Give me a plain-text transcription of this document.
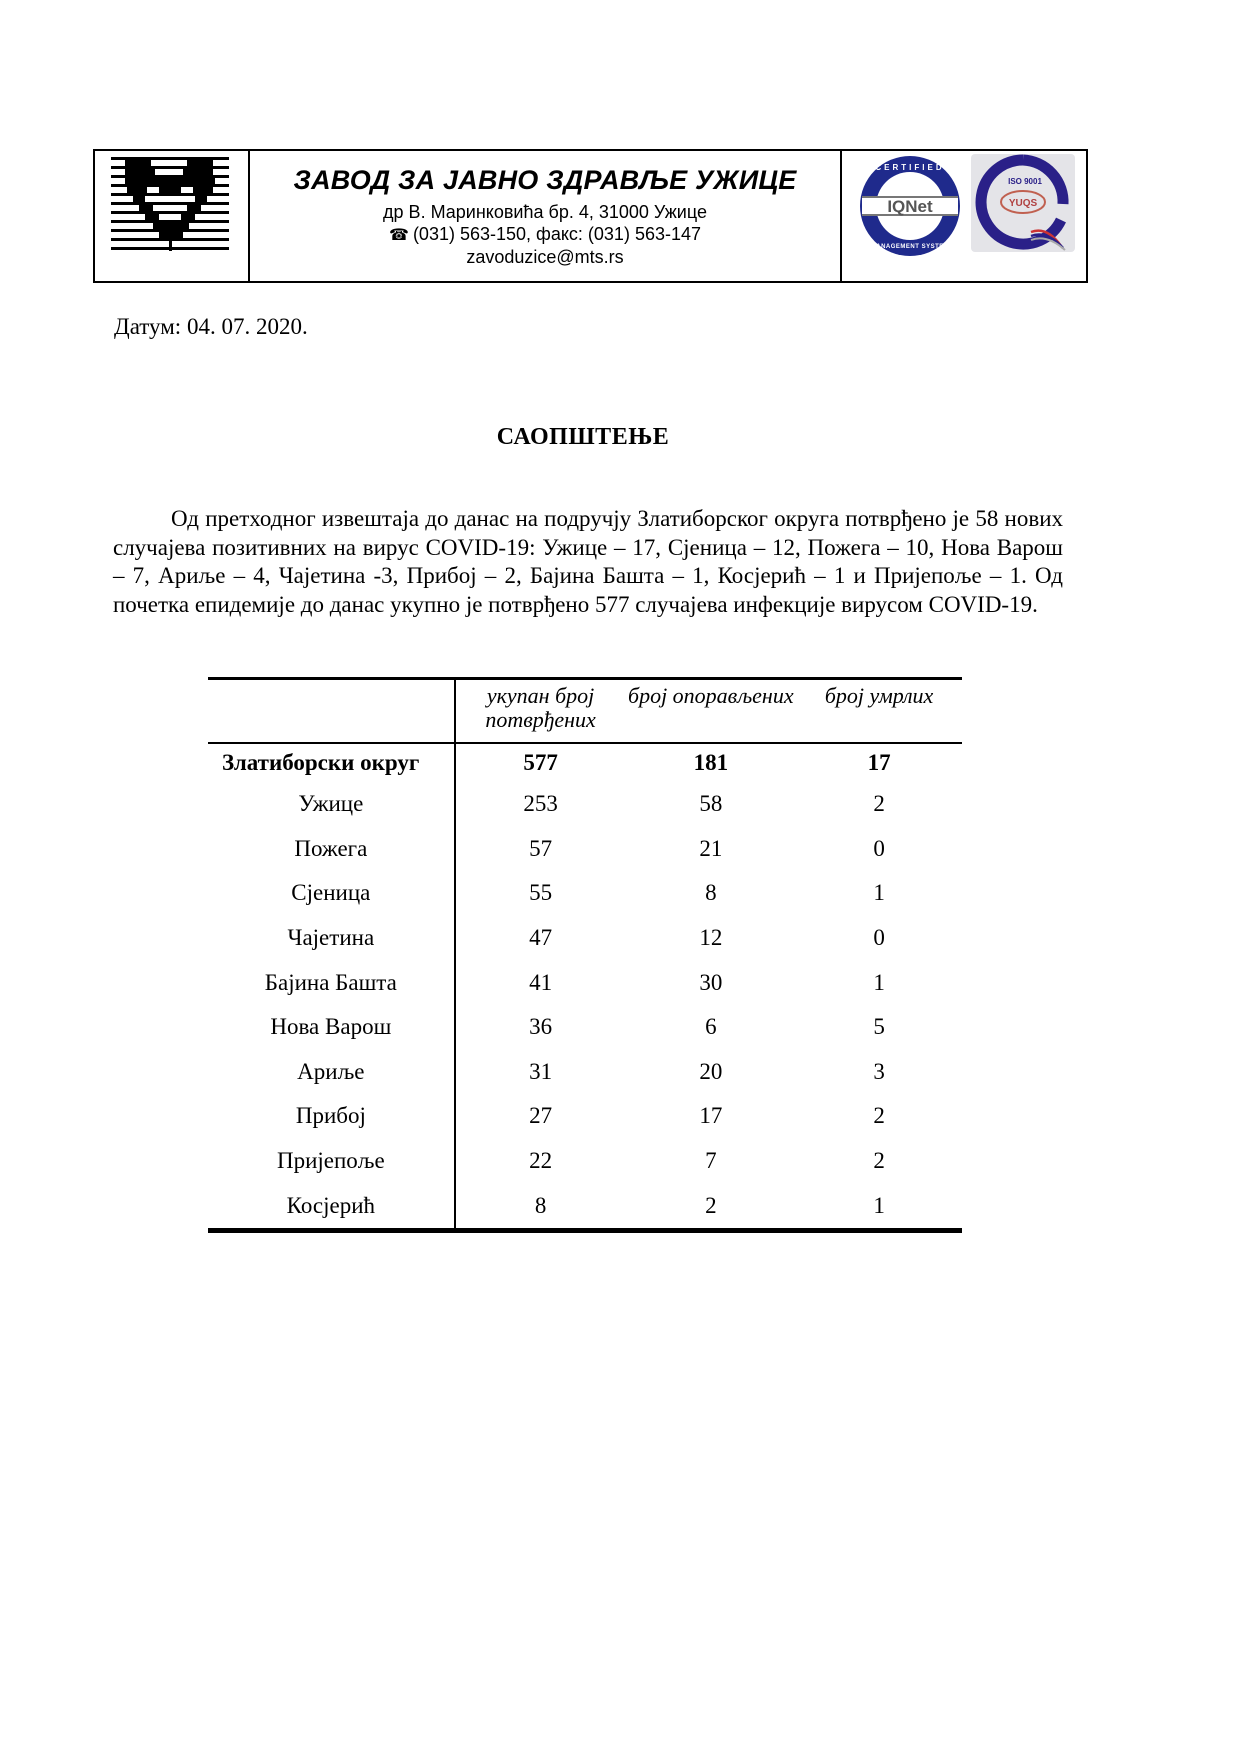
ЗАВОД ЗА ЈАВНО ЗДРАВЉЕ УЖИЦЕ
др В. Маринковића бр. 4, 31000 Ужице
☎ (031) 563-150, факс: (031) 563-147
zavoduzice@mts.rs
IQNet
CERTIFIED
MANAGEMENT SYSTEM
YUQS
ISO 9001
Датум: 04. 07. 2020.
САОПШТЕЊЕ
Од претходног извештаја до данас на подручју Златиборског округа потврђено је 58 нових случајева позитивних на вирус COVID-19: Ужице – 17, Сјеница – 12, Пожега – 10, Нова Варош – 7, Ариље – 4, Чајетина -3, Прибој – 2, Бајина Башта – 1, Косјерић – 1 и Пријепоље – 1. Од почетка епидемије до данас укупно је потврђено 577 случајева инфекције вирусом COVID-19.
	укупан број потврђених	број опорављених	број умрлих
Златиборски округ	577	181	17
Ужице	253	58	2
Пожега	57	21	0
Сјеница	55	8	1
Чајетина	47	12	0
Бајина Башта	41	30	1
Нова Варош	36	6	5
Ариље	31	20	3
Прибој	27	17	2
Пријепоље	22	7	2
Косјерић	8	2	1
